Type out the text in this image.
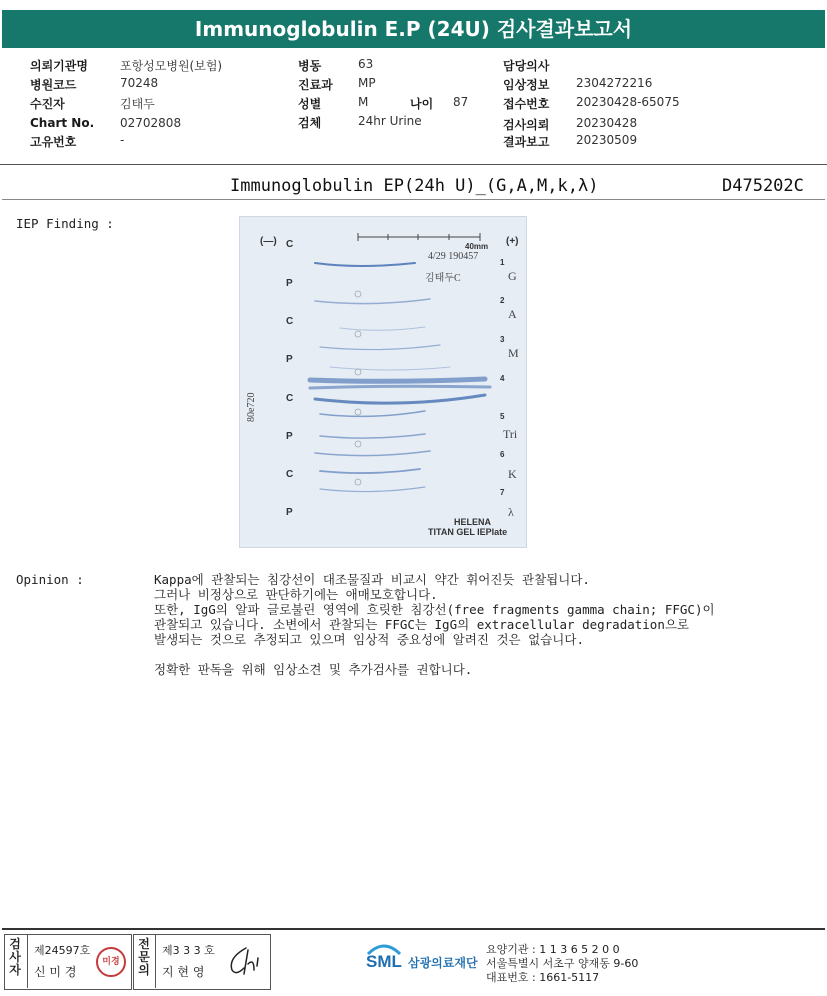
Immunoglobulin E.P (24U) 검사결과보고서
의뢰기관명	포항성모병원(보험)
병원코드	70248
수진자	김태두
Chart No. 02702808
고유번호	-
병동	63
진료과 MP
성별	M	나이 87
검체	24hr Urine
담당의사
임상정보 2304272216
접수번호 20230428-65075
검사의뢰 20230428
결과보고 20230509
Immunoglobulin EP(24h U)_(G,A,M,k,λ)	D475202C
IEP Finding :
(—)	(+)
40mm
4/29 190457
김태두C
80e720
C
P
C
P
C
P
C
P
1
G
2
A
3
M
4
5
Tri
6
K
7
λ
HELENA
TITAN GEL IEPlate
Opinion :	Kappa에 관찰되는 침강선이 대조물질과 비교시 약간 휘어진듯 관찰됩니다.

그러나 비정상으로 판단하기에는 애매모호합니다.

또한, IgG의 알파 글로불린 영역에 흐릿한 침강선(free fragments gamma chain; FFGC)이

관찰되고 있습니다. 소변에서 관찰되는 FFGC는 IgG의 extracellular degradation으로

발생되는 것으로 추정되고 있으며 임상적 중요성에 알려진 것은 없습니다.

정확한 판독을 위해 임상소견 및 추가검사를 권합니다.

검
사
자
제24597호
신 미 경
미경
전
문
의
제3 3 3 호
지 현 영
SML 삼광의료재단
요양기관 : 1 1 3 6 5 2 0 0
서울특별시 서초구 양재동 9-60
대표번호 : 1661-5117
